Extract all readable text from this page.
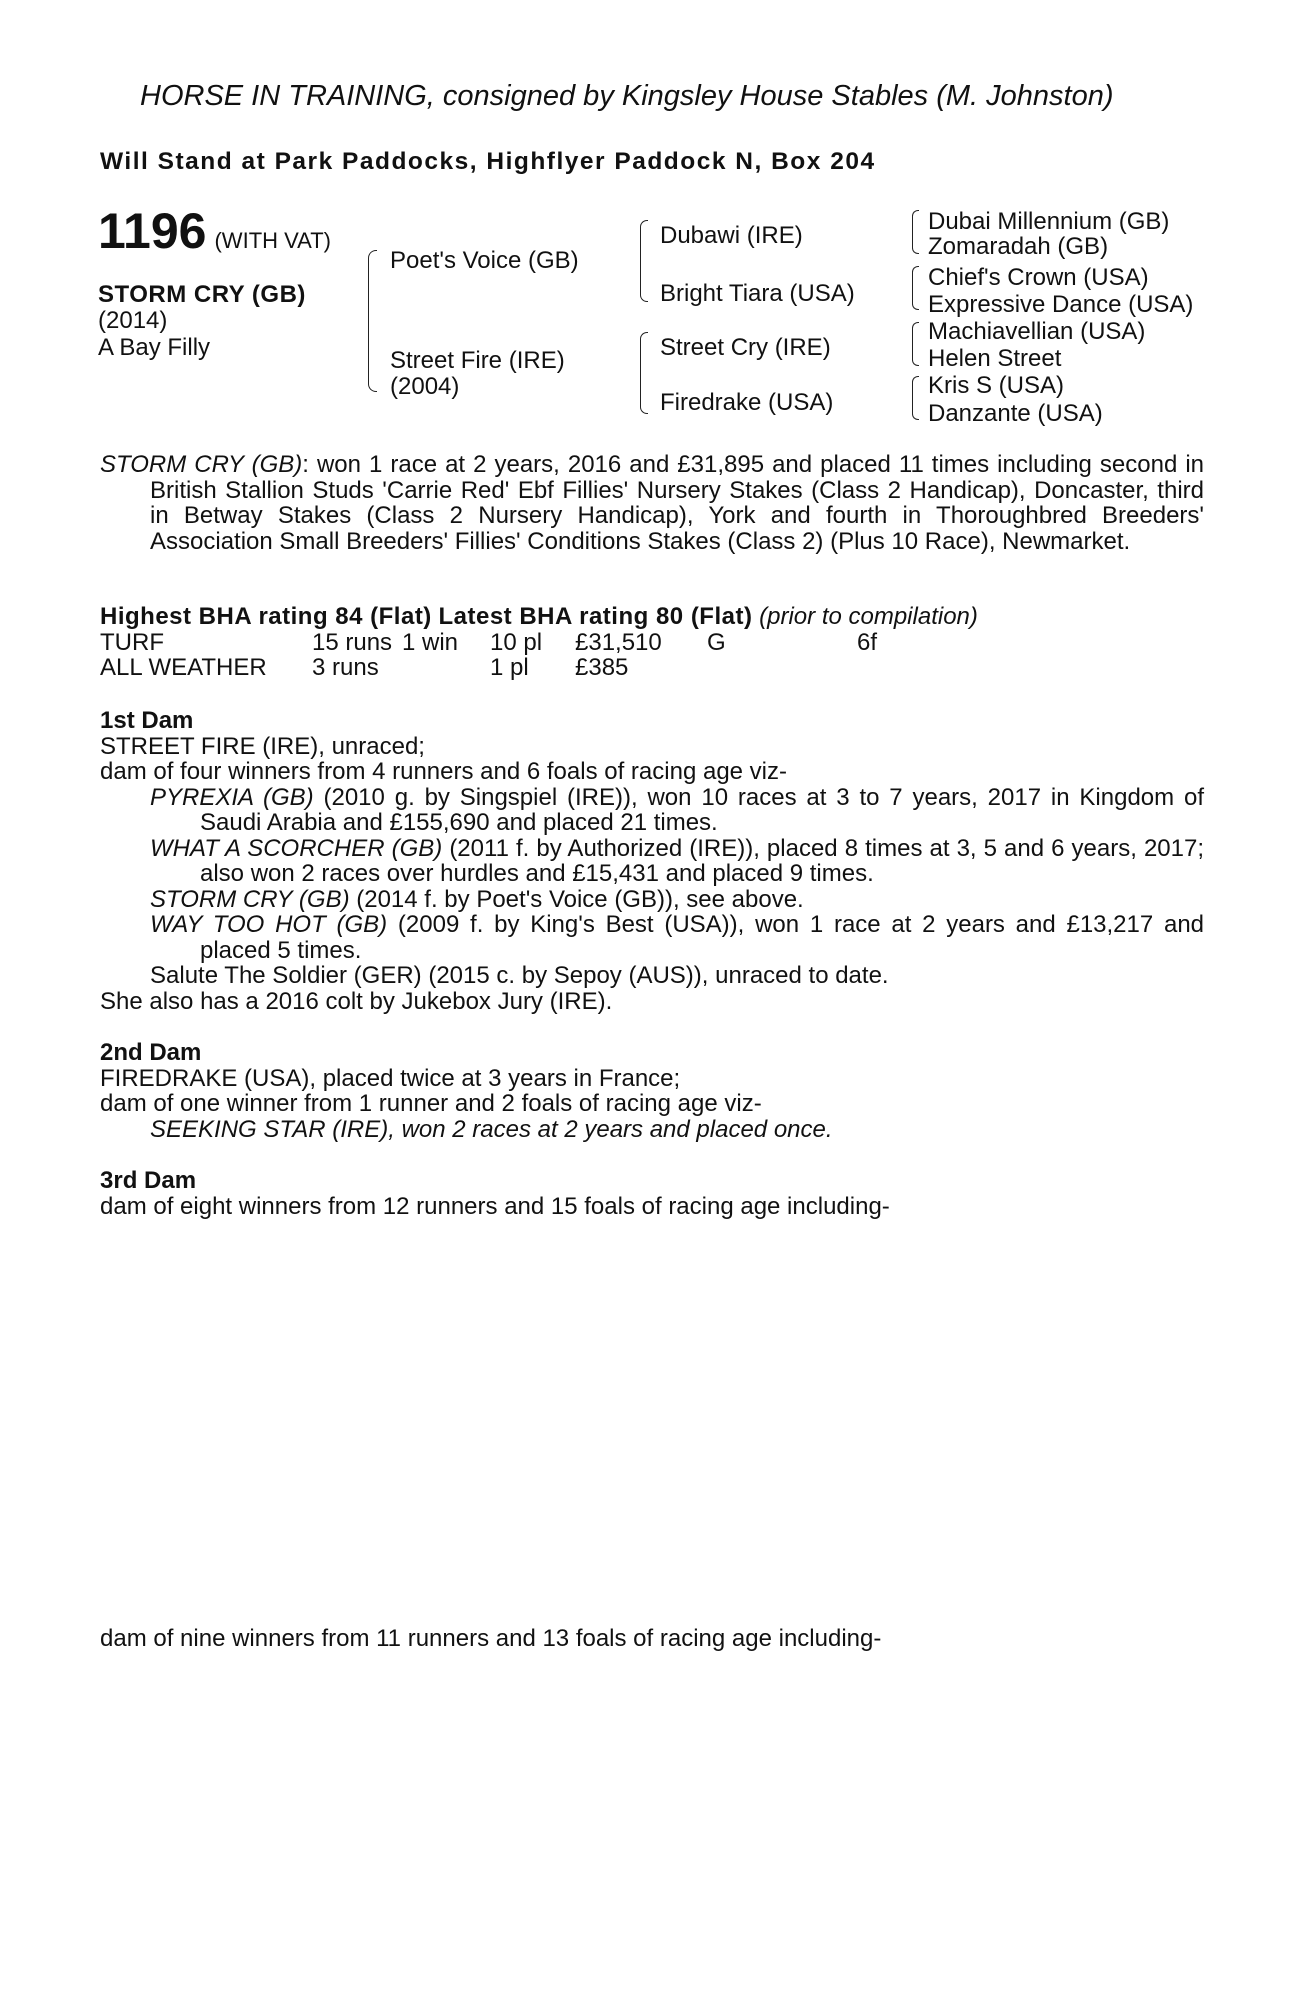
HORSE IN TRAINING, consigned by Kingsley House Stables (M. Johnston)
Will Stand at Park Paddocks, Highflyer Paddock N, Box 204
1196 (WITH VAT)
STORM CRY (GB)
(2014)
A Bay Filly
Poet's Voice (GB)
Street Fire (IRE)
(2004)
Dubawi (IRE)
Bright Tiara (USA)
Street Cry (IRE)
Firedrake (USA)
Dubai Millennium (GB)
Zomaradah (GB)
Chief's Crown (USA)
Expressive Dance (USA)
Machiavellian (USA)
Helen Street
Kris S (USA)
Danzante (USA)
STORM CRY (GB): won 1 race at 2 years, 2016 and £31,895 and placed 11 times including second in British Stallion Studs 'Carrie Red' Ebf Fillies' Nursery Stakes (Class 2 Handicap), Doncaster, third in Betway Stakes (Class 2 Nursery Handicap), York and fourth in Thoroughbred Breeders' Association Small Breeders' Fillies' Conditions Stakes (Class 2) (Plus 10 Race), Newmarket.
Highest BHA rating 84 (Flat) Latest BHA rating 80 (Flat) (prior to compilation)
TURF	15 runs	1 win	10 pl	£31,510	G	6f
ALL WEATHER	3 runs		1 pl	£385		
1st Dam
STREET FIRE (IRE), unraced;
dam of four winners from 4 runners and 6 foals of racing age viz-
PYREXIA (GB) (2010 g. by Singspiel (IRE)), won 10 races at 3 to 7 years, 2017 in Kingdom of Saudi Arabia and £155,690 and placed 21 times.
WHAT A SCORCHER (GB) (2011 f. by Authorized (IRE)), placed 8 times at 3, 5 and 6 years, 2017; also won 2 races over hurdles and £15,431 and placed 9 times.
STORM CRY (GB) (2014 f. by Poet's Voice (GB)), see above.
WAY TOO HOT (GB) (2009 f. by King's Best (USA)), won 1 race at 2 years and £13,217 and placed 5 times.
Salute The Soldier (GER) (2015 c. by Sepoy (AUS)), unraced to date.
She also has a 2016 colt by Jukebox Jury (IRE).
2nd Dam
FIREDRAKE (USA), placed twice at 3 years in France;
dam of one winner from 1 runner and 2 foals of racing age viz-
SEEKING STAR (IRE), won 2 races at 2 years and placed once.
3rd Dam
dam of eight winners from 12 runners and 15 foals of racing age including-
dam of nine winners from 11 runners and 13 foals of racing age including-
